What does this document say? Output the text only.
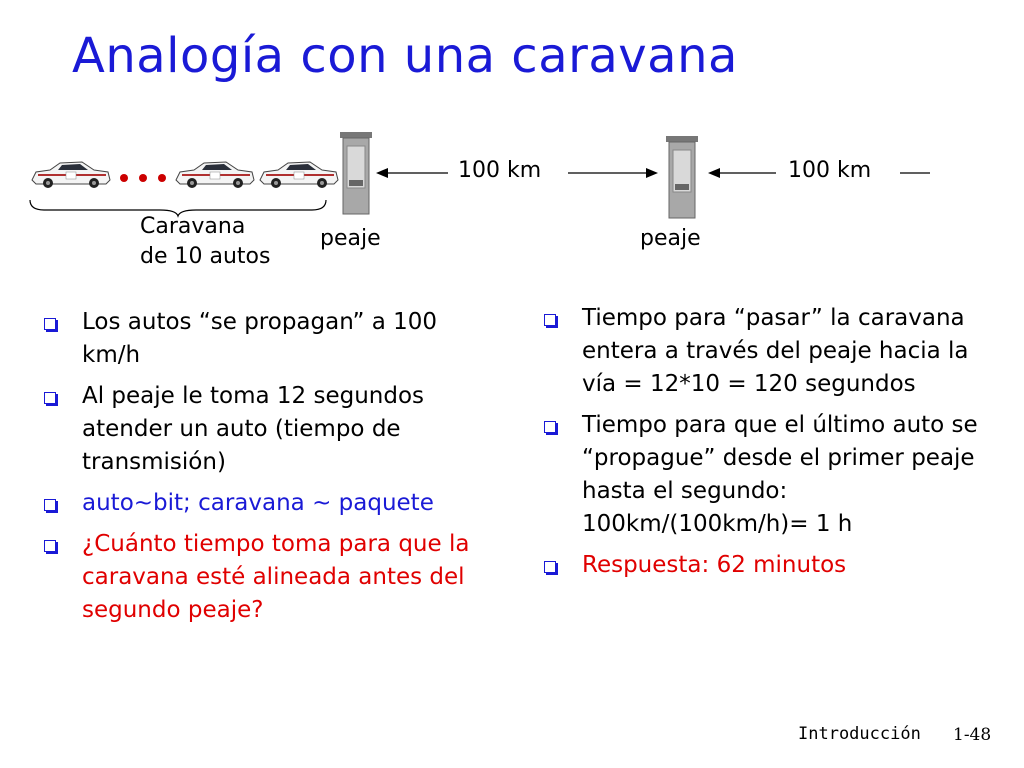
Analogía con una caravana
100 km	100 km
peaje	peaje
Caravana
de 10 autos
Los autos “se propagan” a 100 km/h
Al peaje le toma 12 segundos atender un auto (tiempo de transmisión)
auto~bit; caravana ~ paquete
¿Cuánto tiempo toma para que la caravana esté alineada antes del segundo peaje?
Tiempo para “pasar” la caravana entera a través del peaje hacia la vía = 12*10 = 120 segundos
Tiempo para que el último auto se “propague” desde el primer peaje hasta el segundo: 100km/(100km/h)= 1 h
Respuesta: 62 minutos
Introducción 1-48
